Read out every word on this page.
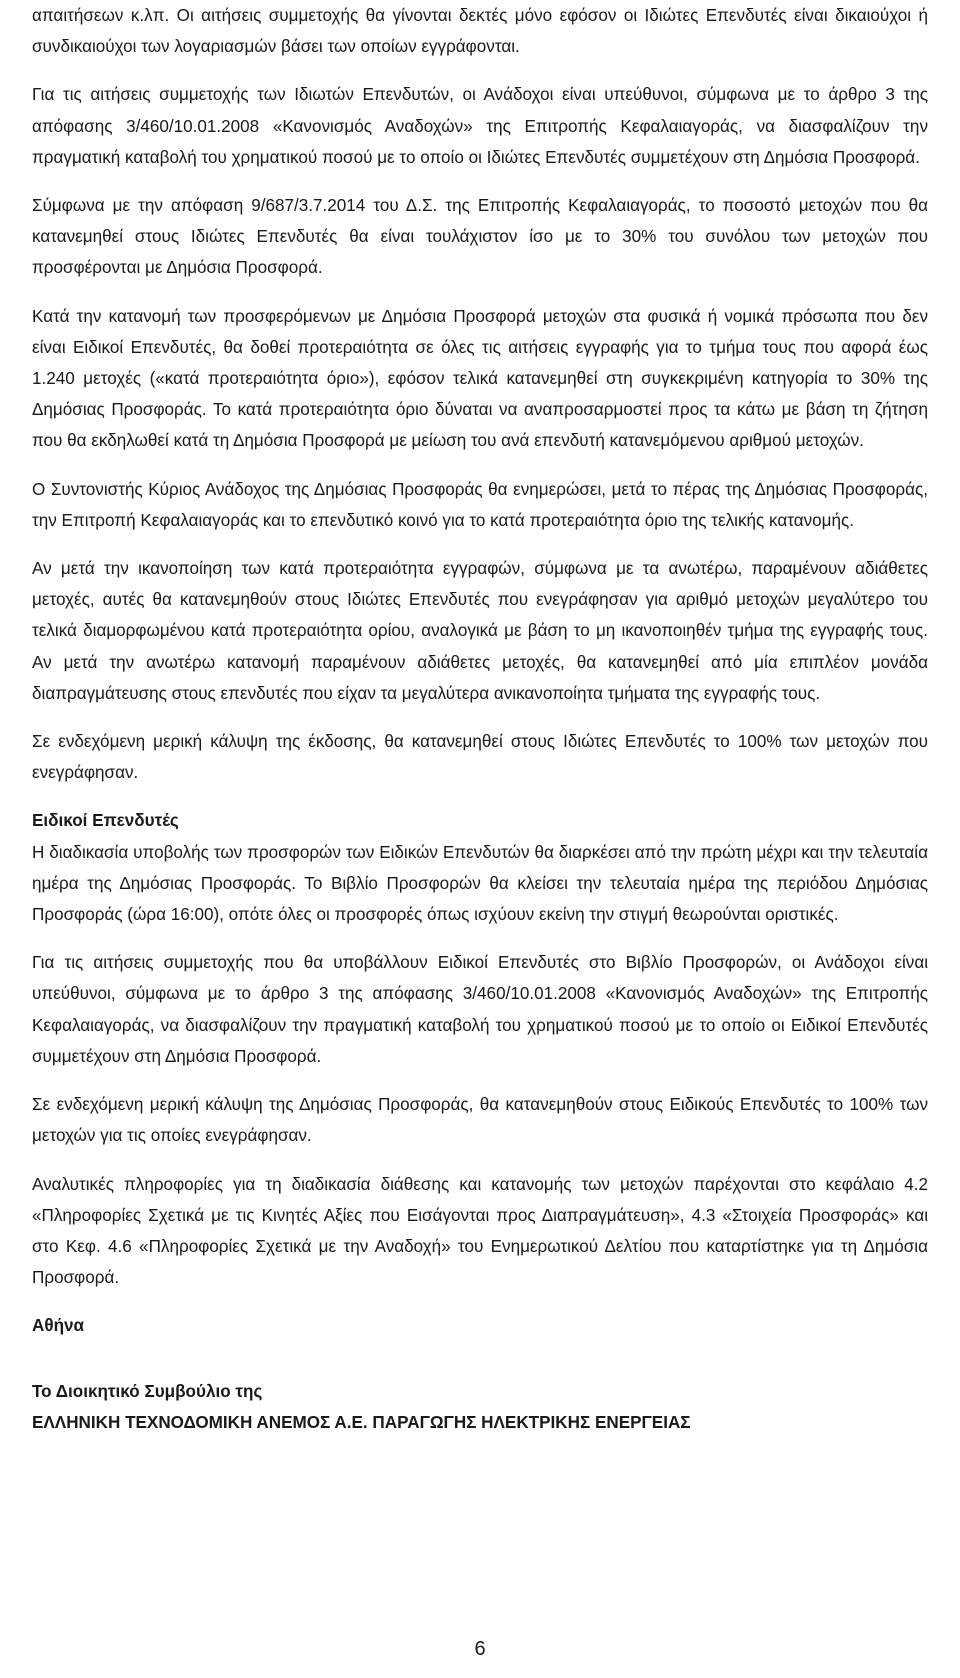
απαιτήσεων κ.λπ. Οι αιτήσεις συμμετοχής θα γίνονται δεκτές μόνο εφόσον οι Ιδιώτες Επενδυτές είναι δικαιούχοι ή συνδικαιούχοι των λογαριασμών βάσει των οποίων εγγράφονται.

Για τις αιτήσεις συμμετοχής των Ιδιωτών Επενδυτών, οι Ανάδοχοι είναι υπεύθυνοι, σύμφωνα με το άρθρο 3 της απόφασης 3/460/10.01.2008 «Κανονισμός Αναδοχών» της Επιτροπής Κεφαλαιαγοράς, να διασφαλίζουν την πραγματική καταβολή του χρηματικού ποσού με το οποίο οι Ιδιώτες Επενδυτές συμμετέχουν στη Δημόσια Προσφορά.

Σύμφωνα με την απόφαση 9/687/3.7.2014 του Δ.Σ. της Επιτροπής Κεφαλαιαγοράς, το ποσοστό μετοχών που θα κατανεμηθεί στους Ιδιώτες Επενδυτές θα είναι τουλάχιστον ίσο με το 30% του συνόλου των μετοχών που προσφέρονται με Δημόσια Προσφορά.

Κατά την κατανομή των προσφερόμενων με Δημόσια Προσφορά μετοχών στα φυσικά ή νομικά πρόσωπα που δεν είναι Ειδικοί Επενδυτές, θα δοθεί προτεραιότητα σε όλες τις αιτήσεις εγγραφής για το τμήμα τους που αφορά έως 1.240 μετοχές («κατά προτεραιότητα όριο»), εφόσον τελικά κατανεμηθεί στη συγκεκριμένη κατηγορία το 30% της Δημόσιας Προσφοράς. Το κατά προτεραιότητα όριο δύναται να αναπροσαρμοστεί προς τα κάτω με βάση τη ζήτηση που θα εκδηλωθεί κατά τη Δημόσια Προσφορά με μείωση του ανά επενδυτή κατανεμόμενου αριθμού μετοχών.

Ο Συντονιστής Κύριος Ανάδοχος της Δημόσιας Προσφοράς θα ενημερώσει, μετά το πέρας της Δημόσιας Προσφοράς, την Επιτροπή Κεφαλαιαγοράς και το επενδυτικό κοινό για το κατά προτεραιότητα όριο της τελικής κατανομής.

Αν μετά την ικανοποίηση των κατά προτεραιότητα εγγραφών, σύμφωνα με τα ανωτέρω, παραμένουν αδιάθετες μετοχές, αυτές θα κατανεμηθούν στους Ιδιώτες Επενδυτές που ενεγράφησαν για αριθμό μετοχών μεγαλύτερο του τελικά διαμορφωμένου κατά προτεραιότητα ορίου, αναλογικά με βάση το μη ικανοποιηθέν τμήμα της εγγραφής τους. Αν μετά την ανωτέρω κατανομή παραμένουν αδιάθετες μετοχές, θα κατανεμηθεί από μία επιπλέον μονάδα διαπραγμάτευσης στους επενδυτές που είχαν τα μεγαλύτερα ανικανοποίητα τμήματα της εγγραφής τους.

Σε ενδεχόμενη μερική κάλυψη της έκδοσης, θα κατανεμηθεί στους Ιδιώτες Επενδυτές το 100% των μετοχών που ενεγράφησαν.

Ειδικοί Επενδυτές

Η διαδικασία υποβολής των προσφορών των Ειδικών Επενδυτών θα διαρκέσει από την πρώτη μέχρι και την τελευταία ημέρα της Δημόσιας Προσφοράς. Το Βιβλίο Προσφορών θα κλείσει την τελευταία ημέρα της περιόδου Δημόσιας Προσφοράς (ώρα 16:00), οπότε όλες οι προσφορές όπως ισχύουν εκείνη την στιγμή θεωρούνται οριστικές.

Για τις αιτήσεις συμμετοχής που θα υποβάλλουν Ειδικοί Επενδυτές στο Βιβλίο Προσφορών, οι Ανάδοχοι είναι υπεύθυνοι, σύμφωνα με το άρθρο 3 της απόφασης 3/460/10.01.2008 «Κανονισμός Αναδοχών» της Επιτροπής Κεφαλαιαγοράς, να διασφαλίζουν την πραγματική καταβολή του χρηματικού ποσού με το οποίο οι Ειδικοί Επενδυτές συμμετέχουν στη Δημόσια Προσφορά.

Σε ενδεχόμενη μερική κάλυψη της Δημόσιας Προσφοράς, θα κατανεμηθούν στους Ειδικούς Επενδυτές το 100% των μετοχών για τις οποίες ενεγράφησαν.

Αναλυτικές πληροφορίες για τη διαδικασία διάθεσης και κατανομής των μετοχών παρέχονται στο κεφάλαιο 4.2 «Πληροφορίες Σχετικά με τις Κινητές Αξίες που Εισάγονται προς Διαπραγμάτευση», 4.3 «Στοιχεία Προσφοράς» και στο Κεφ. 4.6 «Πληροφορίες Σχετικά με την Αναδοχή» του Ενημερωτικού Δελτίου που καταρτίστηκε για τη Δημόσια Προσφορά.

Αθήνα

Το Διοικητικό Συμβούλιο της

ΕΛΛΗΝΙΚΗ ΤΕΧΝΟΔΟΜΙΚΗ ΑΝΕΜΟΣ Α.Ε. ΠΑΡΑΓΩΓΗΣ ΗΛΕΚΤΡΙΚΗΣ ΕΝΕΡΓΕΙΑΣ

6
